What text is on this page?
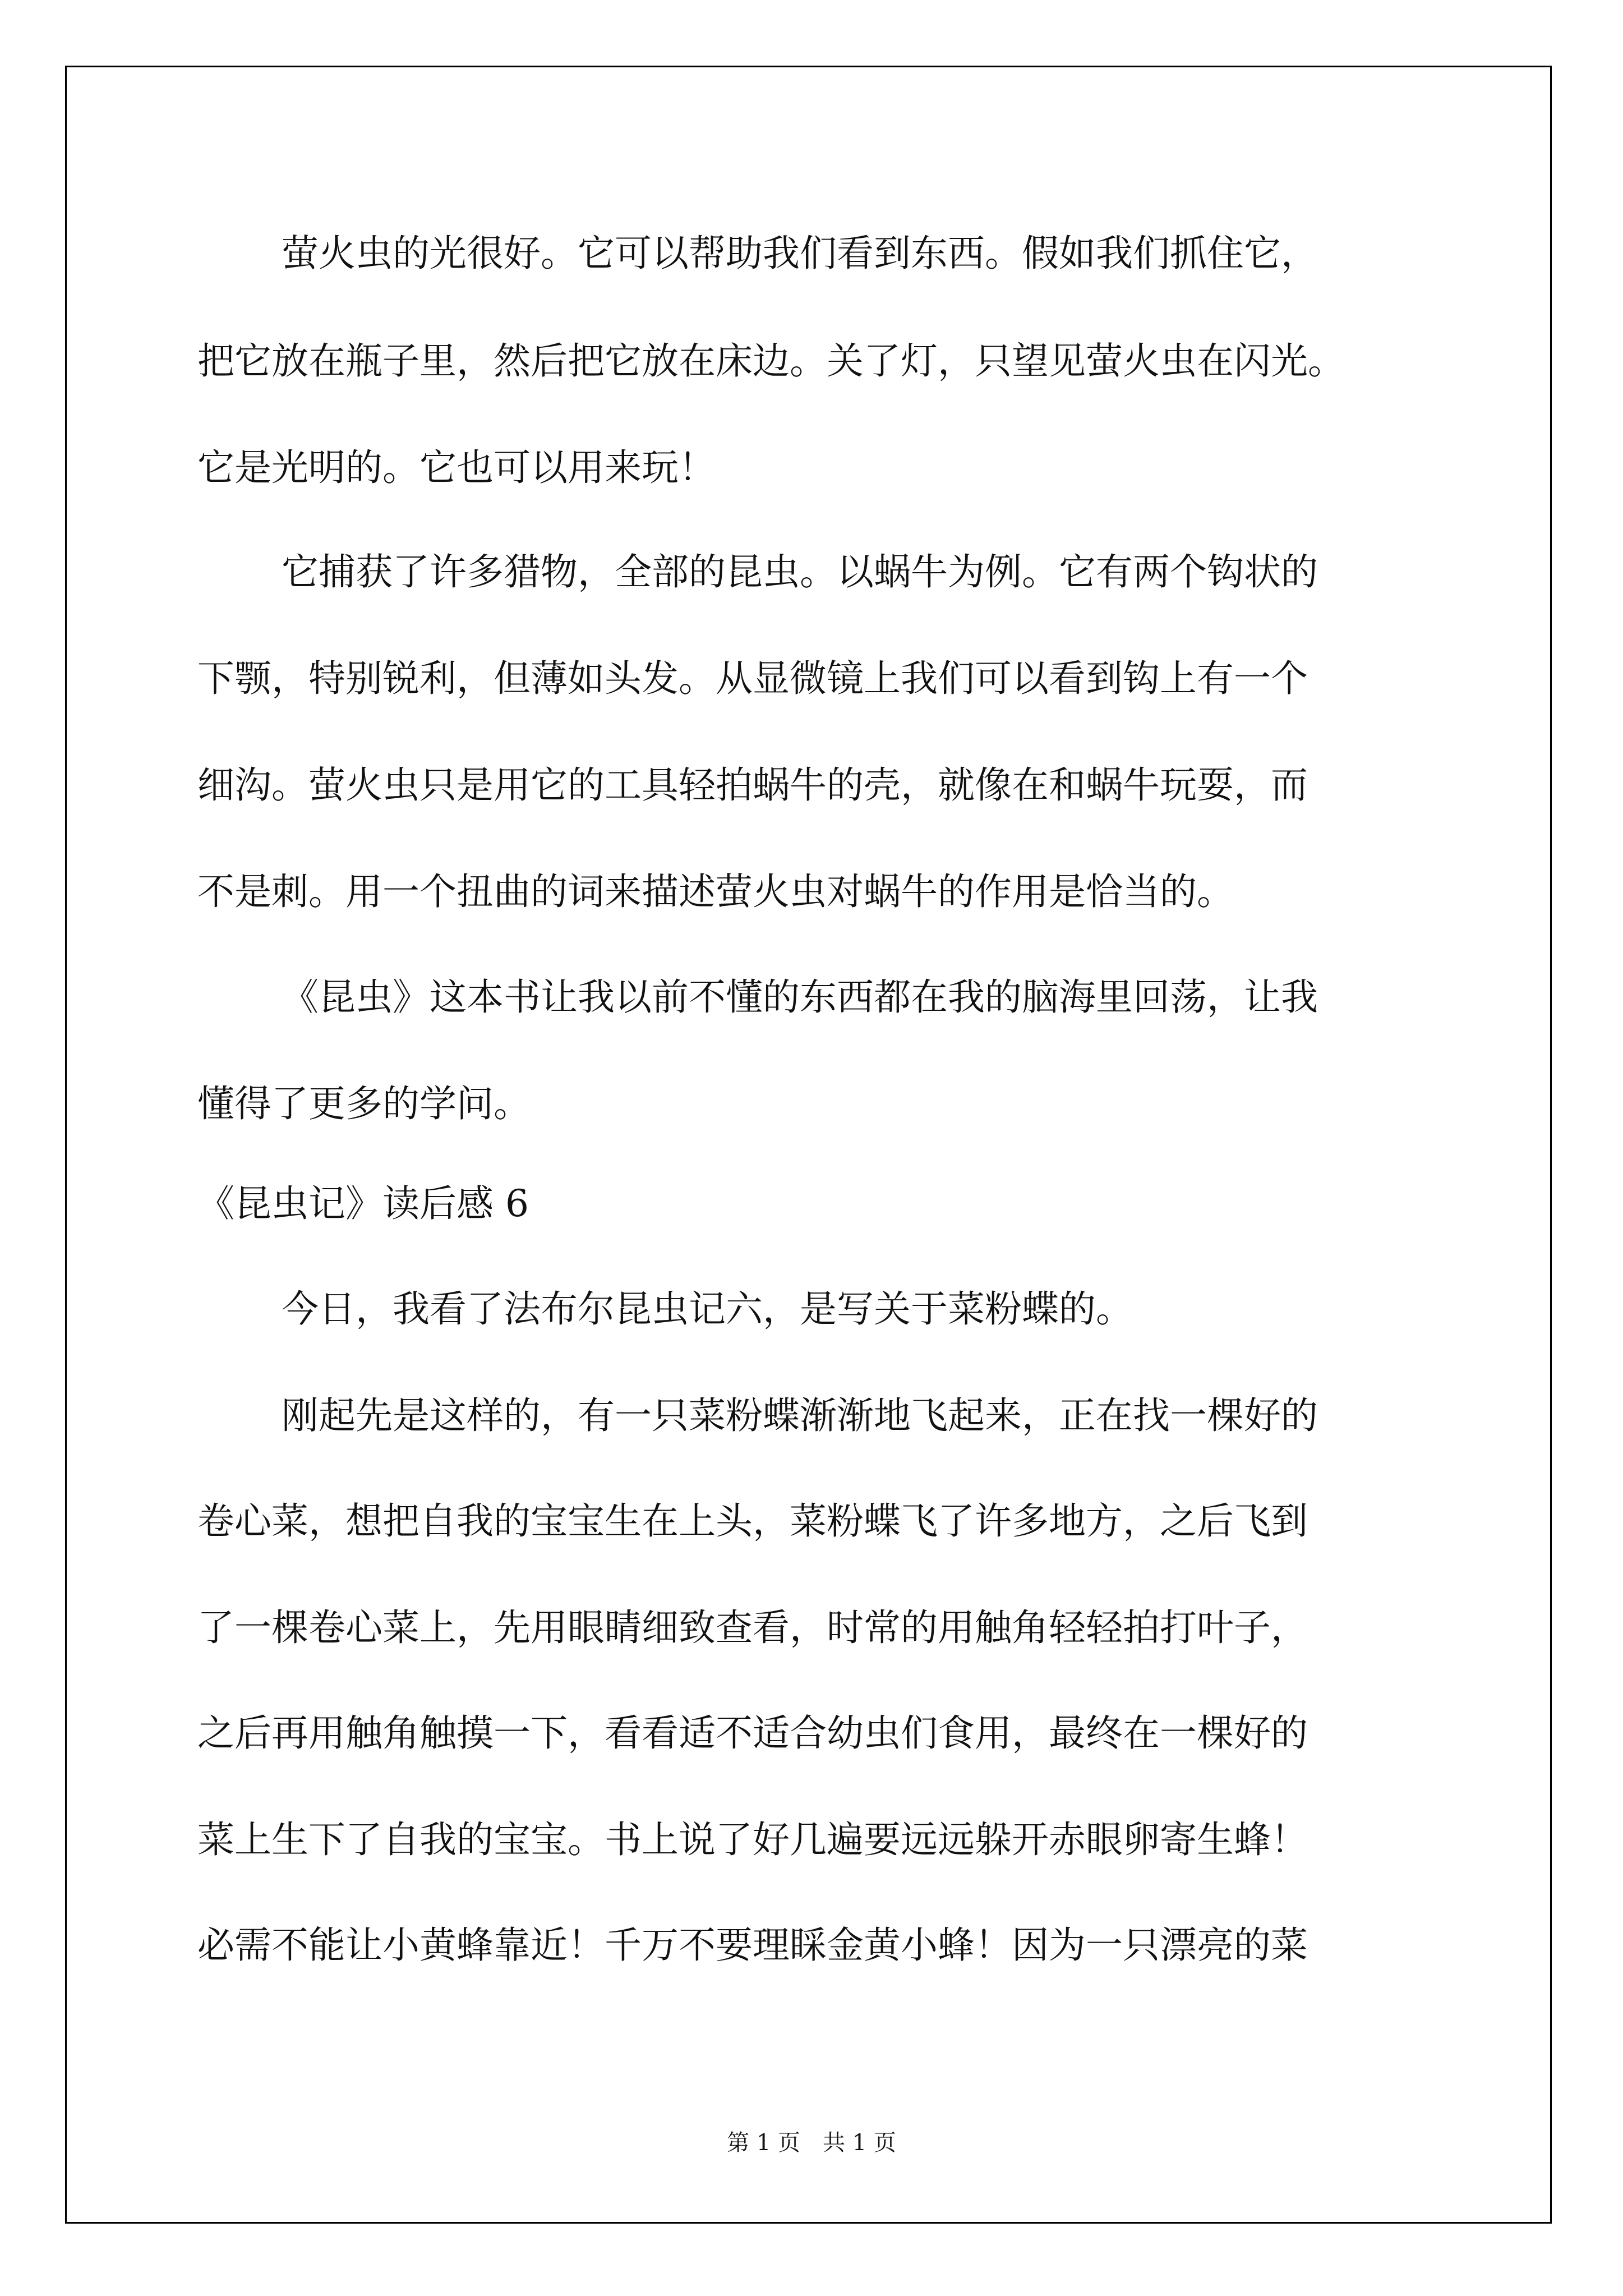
萤火虫的光很好。它可以帮助我们看到东西。假如我们抓住它，
把它放在瓶子里，然后把它放在床边。关了灯，只望见萤火虫在闪光。
它是光明的。它也可以用来玩！
它捕获了许多猎物，全部的昆虫。以蜗牛为例。它有两个钩状的
下颚，特别锐利，但薄如头发。从显微镜上我们可以看到钩上有一个
细沟。萤火虫只是用它的工具轻拍蜗牛的壳，就像在和蜗牛玩耍，而
不是刺。用一个扭曲的词来描述萤火虫对蜗牛的作用是恰当的。
《昆虫》这本书让我以前不懂的东西都在我的脑海里回荡，让我
懂得了更多的学问。
《昆虫记》读后感 6
今日，我看了法布尔昆虫记六，是写关于菜粉蝶的。
刚起先是这样的，有一只菜粉蝶渐渐地飞起来，正在找一棵好的
卷心菜，想把自我的宝宝生在上头，菜粉蝶飞了许多地方，之后飞到
了一棵卷心菜上，先用眼睛细致查看，时常的用触角轻轻拍打叶子，
之后再用触角触摸一下，看看适不适合幼虫们食用，最终在一棵好的
菜上生下了自我的宝宝。书上说了好几遍要远远躲开赤眼卵寄生蜂！
必需不能让小黄蜂靠近！千万不要理睬金黄小蜂！因为一只漂亮的菜
第 1 页 共 1 页
